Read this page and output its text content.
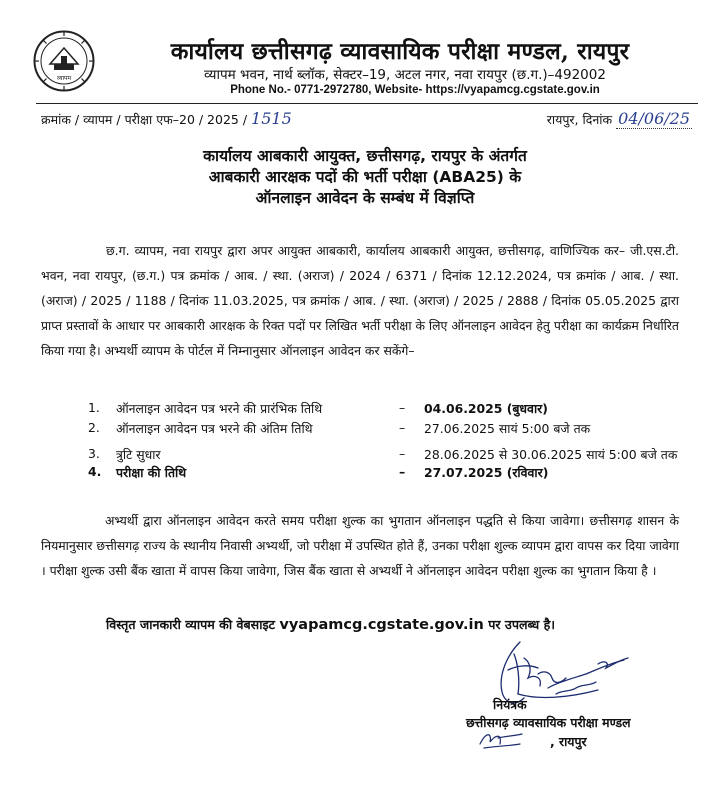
व्यापम
कार्यालय छत्तीसगढ़ व्यावसायिक परीक्षा मण्डल, रायपुर
व्यापम भवन, नार्थ ब्लॉक, सेक्टर–19, अटल नगर, नवा रायपुर (छ.ग.)–492002
Phone No.- 0771-2972780, Website- https://vyapamcg.cgstate.gov.in
क्रमांक / व्यापम / परीक्षा एफ–20 / 2025 / 1515	रायपुर, दिनांक 04/06/25
कार्यालय आबकारी आयुक्त, छत्तीसगढ़, रायपुर के अंतर्गत
आबकारी आरक्षक पदों की भर्ती परीक्षा (ABA25) के
ऑनलाइन आवेदन के सम्बंध में विज्ञप्ति
छ.ग. व्यापम, नवा रायपुर द्वारा अपर आयुक्त आबकारी, कार्यालय आबकारी आयुक्त, छत्तीसगढ़, वाणिज्यिक कर– जी.एस.टी. भवन, नवा रायपुर, (छ.ग.) पत्र क्रमांक / आब. / स्था. (अराज) / 2024 / 6371 / दिनांक 12.12.2024, पत्र क्रमांक / आब. / स्था. (अराज) / 2025 / 1188 / दिनांक 11.03.2025, पत्र क्रमांक / आब. / स्था. (अराज) / 2025 / 2888 / दिनांक 05.05.2025 द्वारा प्राप्त प्रस्तावों के आधार पर आबकारी आरक्षक के रिक्त पदों पर लिखित भर्ती परीक्षा के लिए ऑनलाइन आवेदन हेतु परीक्षा का कार्यक्रम निर्धारित किया गया है। अभ्यर्थी व्यापम के पोर्टल में निम्नानुसार ऑनलाइन आवेदन कर सकेंगे–
1. ऑनलाइन आवेदन पत्र भरने की प्रारंभिक तिथि	– 04.06.2025 (बुधवार)
2. ऑनलाइन आवेदन पत्र भरने की अंतिम तिथि	– 27.06.2025 सायं 5:00 बजे तक
3. त्रुटि सुधार	– 28.06.2025 से 30.06.2025 सायं 5:00 बजे तक
4. परीक्षा की तिथि	– 27.07.2025 (रविवार)
अभ्यर्थी द्वारा ऑनलाइन आवेदन करते समय परीक्षा शुल्क का भुगतान ऑनलाइन पद्धति से किया जावेगा। छत्तीसगढ़ शासन के नियमानुसार छत्तीसगढ़ राज्य के स्थानीय निवासी अभ्यर्थी, जो परीक्षा में उपस्थित होते हैं, उनका परीक्षा शुल्क व्यापम द्वारा वापस कर दिया जावेगा । परीक्षा शुल्क उसी बैंक खाता में वापस किया जावेगा, जिस बैंक खाता से अभ्यर्थी ने ऑनलाइन आवेदन परीक्षा शुल्क का भुगतान किया है ।
विस्तृत जानकारी व्यापम की वेबसाइट vyapamcg.cgstate.gov.in पर उपलब्ध है।
नियंत्रक
छत्तीसगढ़ व्यावसायिक परीक्षा मण्डल
, रायपुर
